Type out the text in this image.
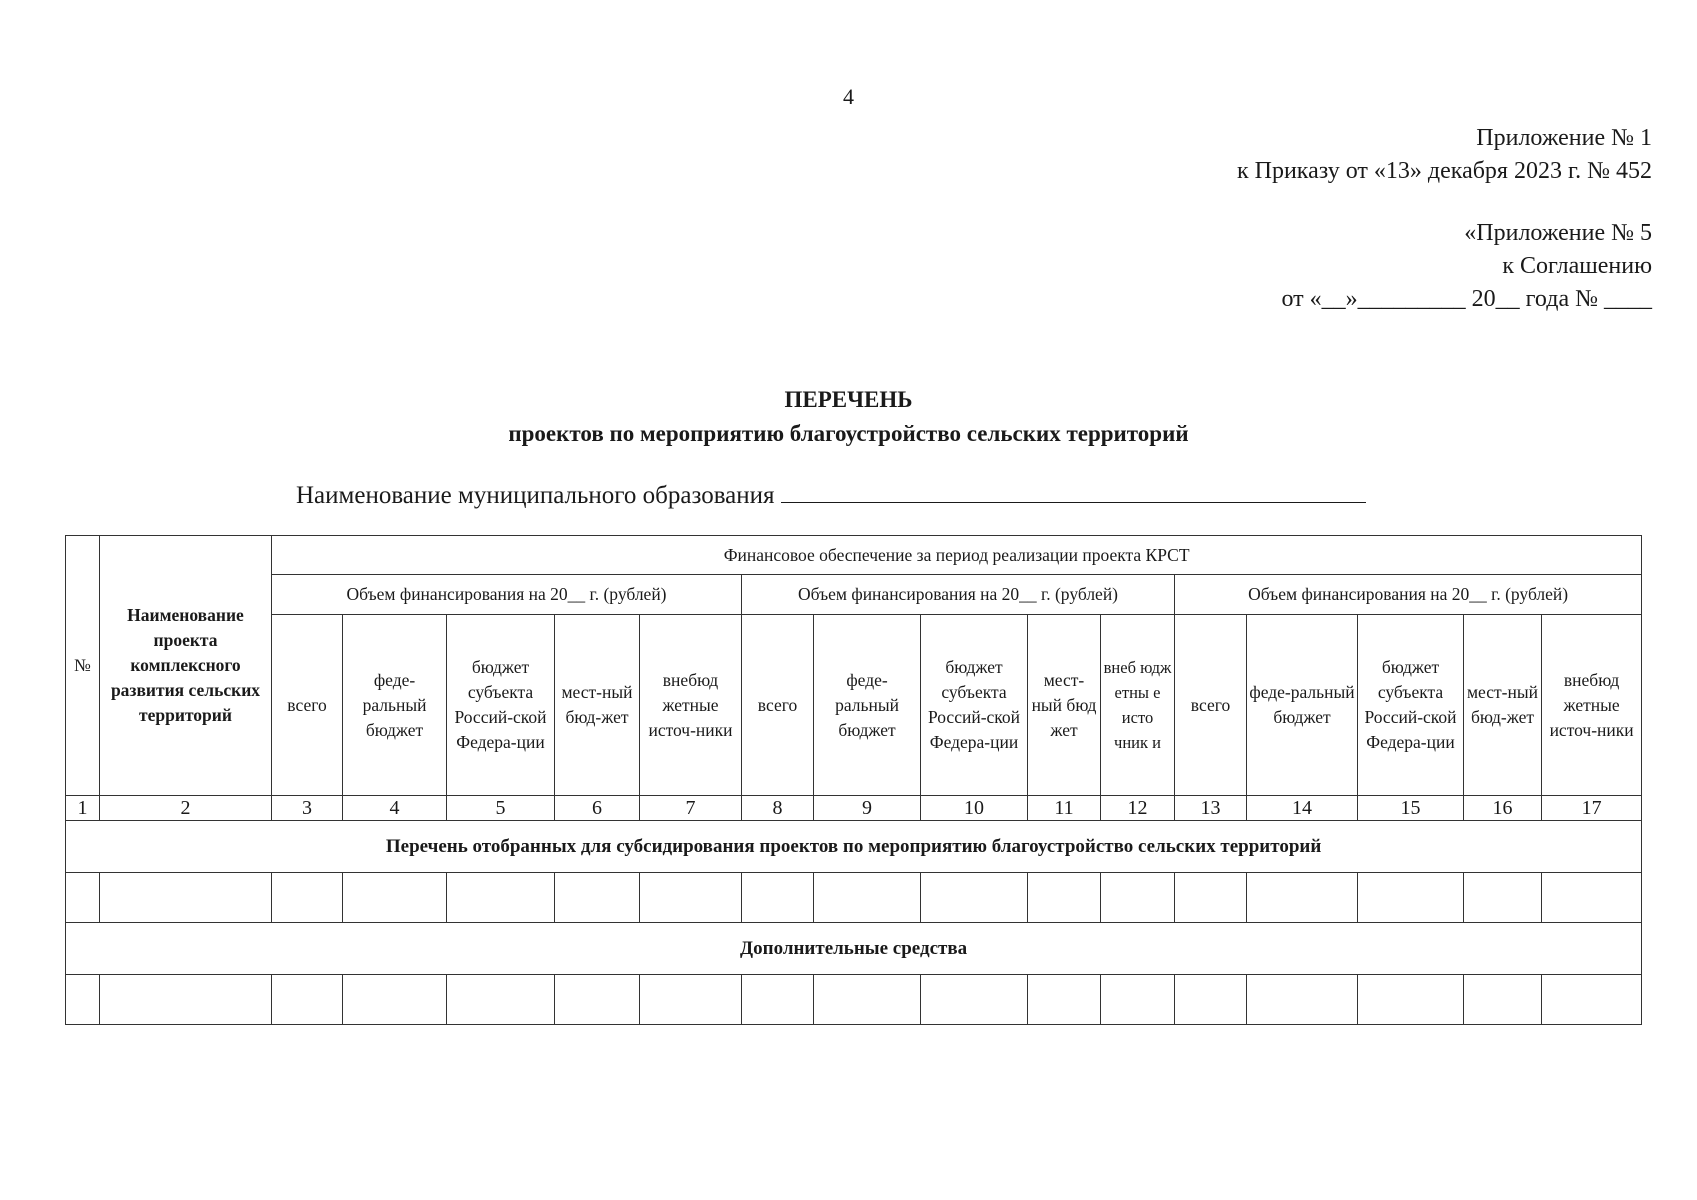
4
Приложение № 1
к Приказу от «13» декабря 2023 г. № 452
«Приложение № 5
к Соглашению
от «__»_________ 20__ года № ____
ПЕРЕЧЕНЬ
проектов по мероприятию благоустройство сельских территорий
Наименование муниципального образования
№	Наименование проекта комплексного развития сельских территорий	Финансовое обеспечение за период реализации проекта КРСТ														
		Объем финансирования на 20__ г. (рублей)					Объем финансирования на 20__ г. (рублей)					Объем финансирования на 20__ г. (рублей)				
		всего	феде-ральный бюджет	бюджет субъекта Россий-ской Федера-ции	мест-ный бюд-жет	внебюд жетные источ-ники	всего	феде-ральный бюджет	бюджет субъекта Россий-ской Федера-ции	мест-ный бюд жет	внеб юдж етны е исто чник и	всего	феде-ральный бюджет	бюджет субъекта Россий-ской Федера-ции	мест-ный бюд-жет	внебюд жетные источ-ники
1	2	3	4	5	6	7	8	9	10	11	12	13	14	15	16	17
Перечень отобранных для субсидирования проектов по мероприятию благоустройство сельских территорий																

Дополнительные средства																
